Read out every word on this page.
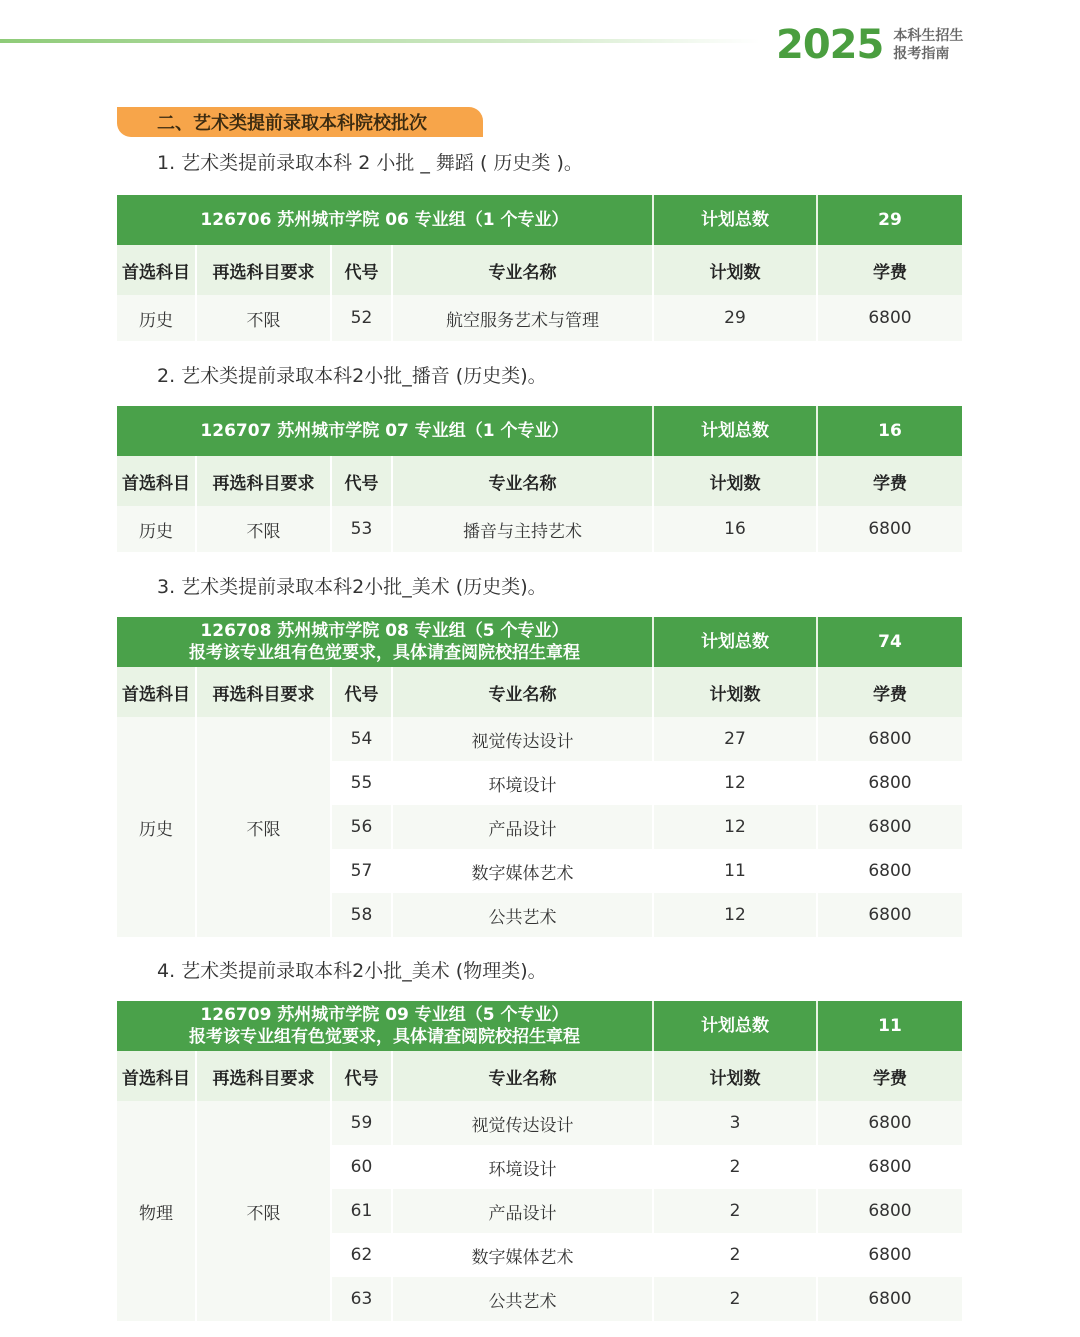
2025 本科生招生
报考指南
二、艺术类提前录取本科院校批次
1. 艺术类提前录取本科 2 小批 _ 舞蹈 ( 历史类 )。
126706 苏州城市学院 06 专业组（1 个专业）	计划总数	29
首选科目	再选科目要求	代号	专业名称	计划数	学费
历史	不限	52	航空服务艺术与管理	29	6800
2. 艺术类提前录取本科2小批_播音 (历史类)。
126707 苏州城市学院 07 专业组（1 个专业）	计划总数	16
首选科目	再选科目要求	代号	专业名称	计划数	学费
历史	不限	53	播音与主持艺术	16	6800
3. 艺术类提前录取本科2小批_美术 (历史类)。
126708 苏州城市学院 08 专业组（5 个专业）
报考该专业组有色觉要求，具体请查阅院校招生章程
计划总数	74
首选科目	再选科目要求	代号	专业名称	计划数	学费
历史	不限
54	视觉传达设计	27	6800
55	环境设计	12	6800
56	产品设计	12	6800
57	数字媒体艺术	11	6800
58	公共艺术	12	6800
4. 艺术类提前录取本科2小批_美术 (物理类)。
126709 苏州城市学院 09 专业组（5 个专业）
报考该专业组有色觉要求，具体请查阅院校招生章程
计划总数	11
首选科目	再选科目要求	代号	专业名称	计划数	学费
物理	不限
59	视觉传达设计	3	6800
60	环境设计	2	6800
61	产品设计	2	6800
62	数字媒体艺术	2	6800
63	公共艺术	2	6800
